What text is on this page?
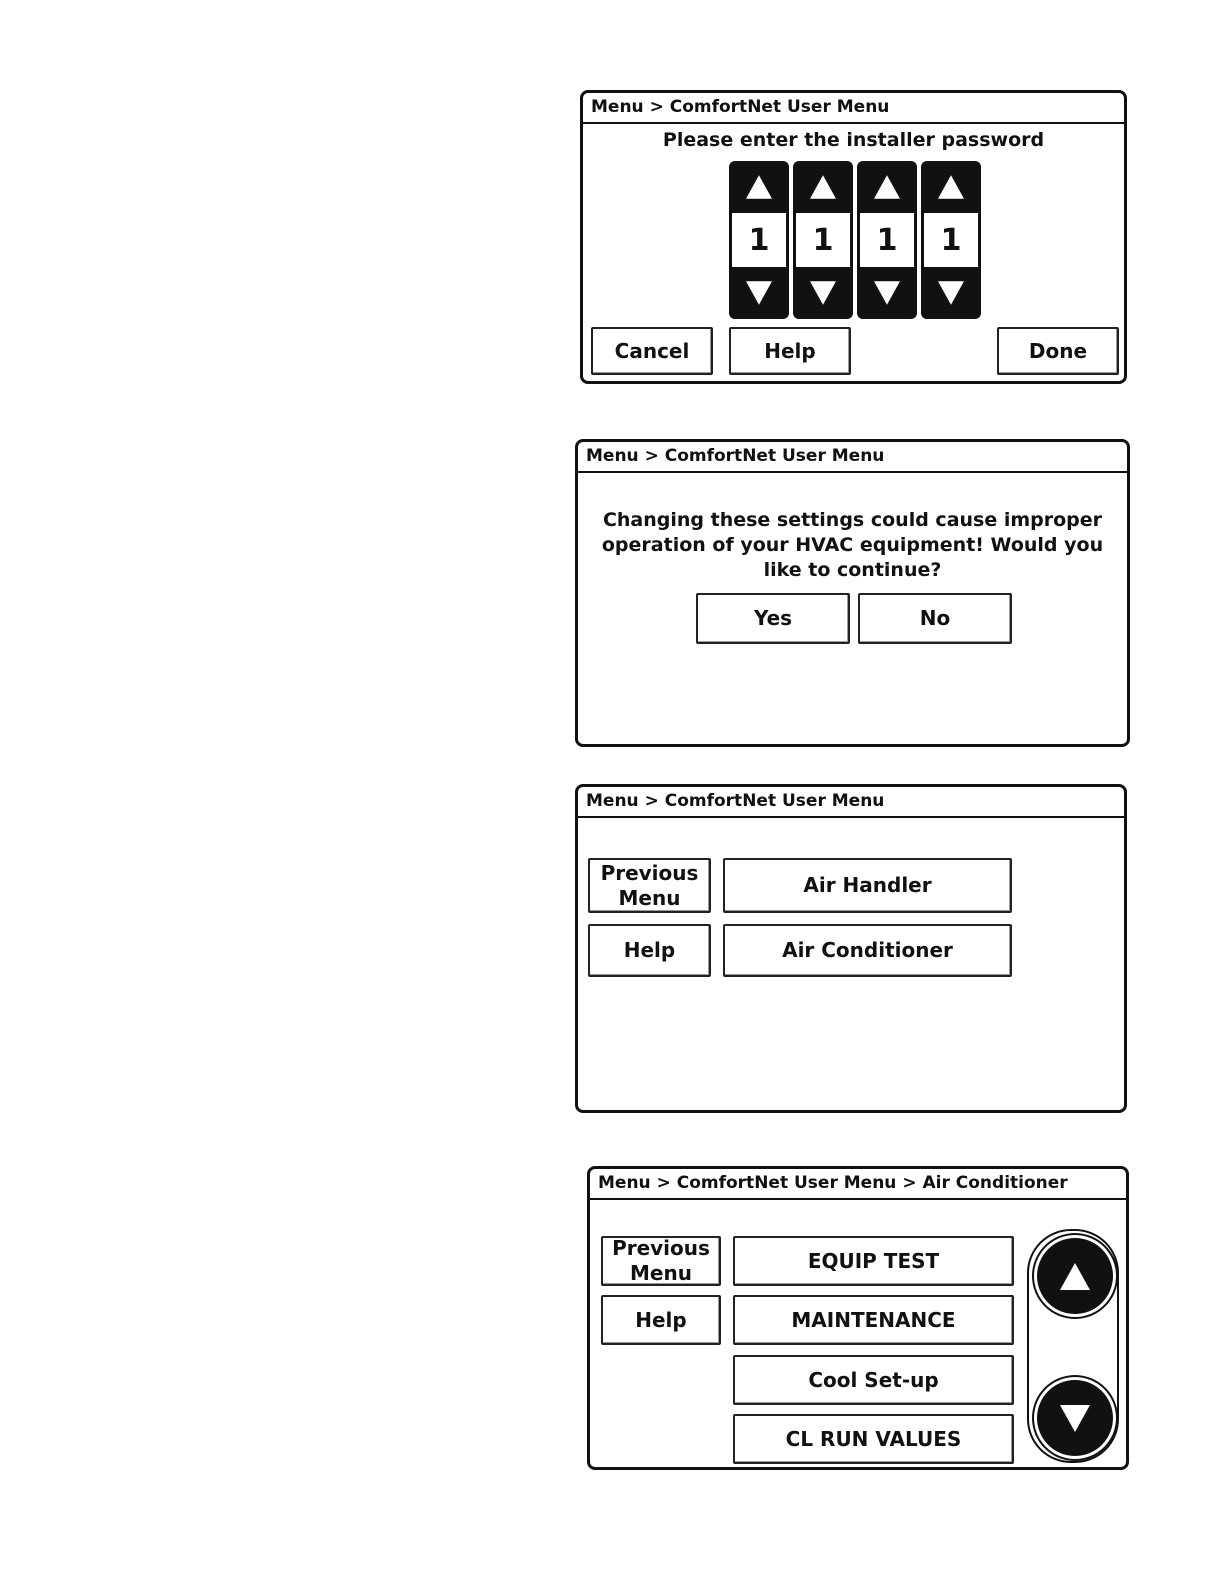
Menu > ComfortNet User Menu
Please enter the installer password
1	1	1	1
Cancel	Help	Done
Menu > ComfortNet User Menu
Changing these settings could cause improper operation of your HVAC equipment! Would you like to continue?
Yes	No
Menu > ComfortNet User Menu
Previous Menu
Help
Air Handler
Air Conditioner
Menu > ComfortNet User Menu > Air Conditioner
Previous Menu
Help
EQUIP TEST
MAINTENANCE
Cool Set-up
CL RUN VALUES
